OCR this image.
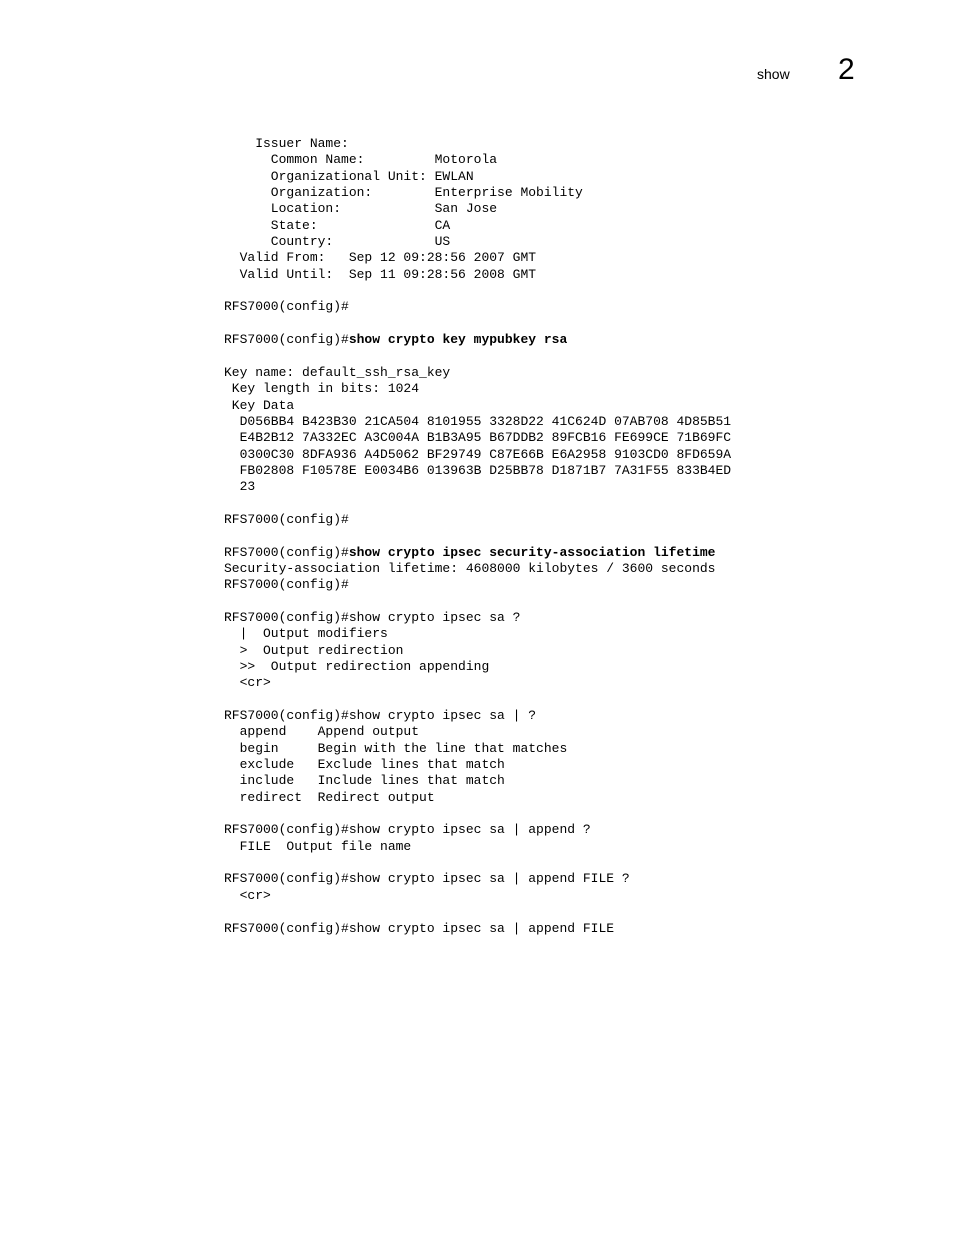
show 2
Issuer Name:
Common Name:         Motorola
Organizational Unit: EWLAN
Organization:        Enterprise Mobility
Location:            San Jose
State:               CA
Country:             US
Valid From:   Sep 12 09:28:56 2007 GMT
Valid Until:  Sep 11 09:28:56 2008 GMT
RFS7000(config)#
RFS7000(config)#show crypto key mypubkey rsa
Key name: default_ssh_rsa_key
Key length in bits: 1024
Key Data
D056BB4 B423B30 21CA504 8101955 3328D22 41C624D 07AB708 4D85B51
E4B2B12 7A332EC A3C004A B1B3A95 B67DDB2 89FCB16 FE699CE 71B69FC
0300C30 8DFA936 A4D5062 BF29749 C87E66B E6A2958 9103CD0 8FD659A
FB02808 F10578E E0034B6 013963B D25BB78 D1871B7 7A31F55 833B4ED
23
RFS7000(config)#
RFS7000(config)#show crypto ipsec security-association lifetime
Security-association lifetime: 4608000 kilobytes / 3600 seconds
RFS7000(config)#
RFS7000(config)#show crypto ipsec sa ?
|  Output modifiers
>  Output redirection
>>  Output redirection appending
<cr>
RFS7000(config)#show crypto ipsec sa | ?
append    Append output
begin     Begin with the line that matches
exclude   Exclude lines that match
include   Include lines that match
redirect  Redirect output
RFS7000(config)#show crypto ipsec sa | append ?
FILE  Output file name
RFS7000(config)#show crypto ipsec sa | append FILE ?
<cr>
RFS7000(config)#show crypto ipsec sa | append FILE
